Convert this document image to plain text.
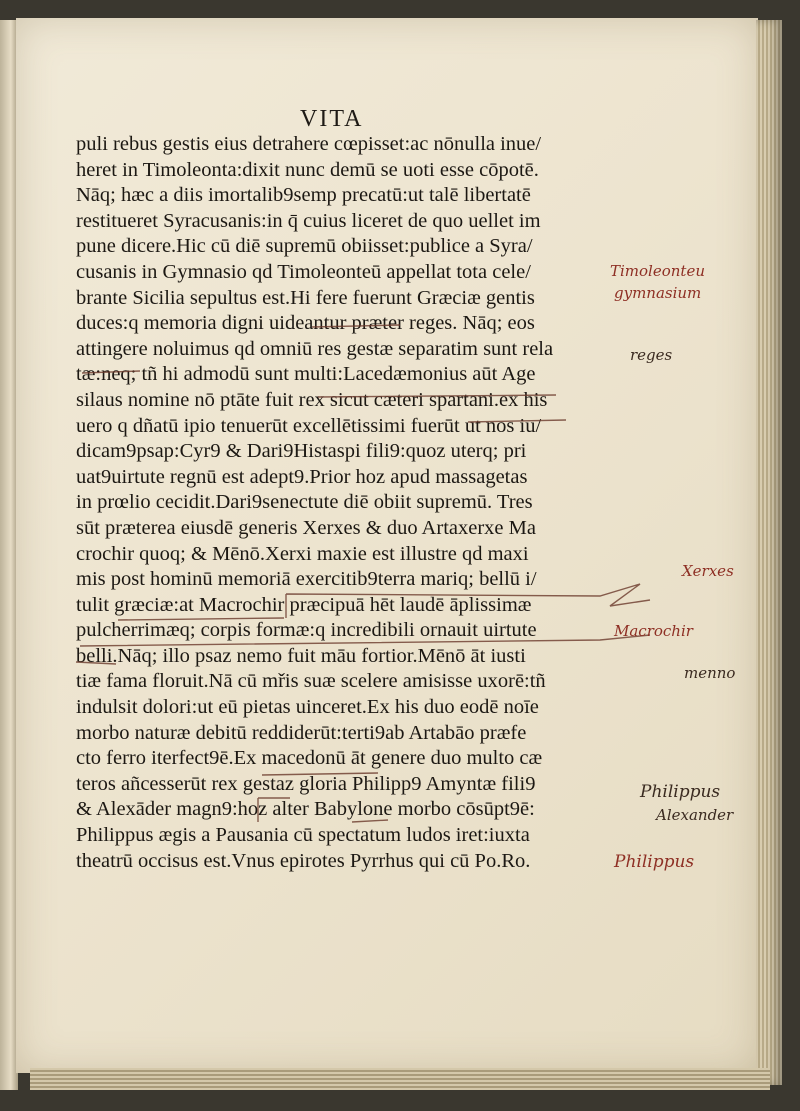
VITA
puli rebus gestis eius detrahere cœpisset:ac nōnulla inue/
heret in Timoleonta:dixit nunc demū se uoti esse cōpotē.
Nāq; hæc a diis imortalib9semp precatū:ut talē libertatē
restitueret Syracusanis:in q̄ cuius liceret de quo uellet im
pune dicere.Hic cū diē supremū obiisset:publice a Syra/
cusanis in Gymnasio qd Timoleonteū appellat tota cele/
brante Sicilia sepultus est.Hi fere fuerunt Græciæ gentis
duces:q memoria digni uideantur præter reges. Nāq; eos
attingere noluimus qd omniū res gestæ separatim sunt rela
tæ:neq; tñ hi admodū sunt multi:Lacedæmonius aūt Age
silaus nomine nō ptāte fuit rex sicut cæteri spartani.ex his
uero q dñatū ipio tenuerūt excellētissimi fuerūt ut nos iu/
dicam9psap:Cyr9 & Dari9Histaspi fili9:quoz uterq; pri
uat9uirtute regnū est adept9.Prior hoz apud massagetas
in prœlio cecidit.Dari9senectute diē obiit supremū. Tres
sūt præterea eiusdē generis Xerxes & duo Artaxerxe Ma
crochir quoq; & Mēnō.Xerxi maxie est illustre qd maxi
mis post hominū memoriā exercitib9terra mariq; bellū i/
tulit græciæ:at Macrochir præcipuā hēt laudē āplissimæ
pulcherrimæq; corpis formæ:q incredibili ornauit uirtute
belli.Nāq; illo psaz nemo fuit māu fortior.Mēnō āt iusti
tiæ fama floruit.Nā cū mřis suæ scelere amisisse uxorē:tñ
indulsit dolori:ut eū pietas uinceret.Ex his duo eodē noīe
morbo naturæ debitū reddiderūt:terti9ab Artabāo præfe
cto ferro iterfect9ē.Ex macedonū āt genere duo multo cæ
teros añcesserūt rex gestaz gloria Philipp9 Amyntæ fili9
& Alexāder magn9:hoz alter Babylone morbo cōsūpt9ē:
Philippus ægis a Pausania cū spectatum ludos iret:iuxta
theatrū occisus est.Vnus epirotes Pyrrhus qui cū Po.Ro.
Timoleonteu
gymnasium
reges
Xerxes
Macrochir
menno
Philippus
Alexander
Philippus
